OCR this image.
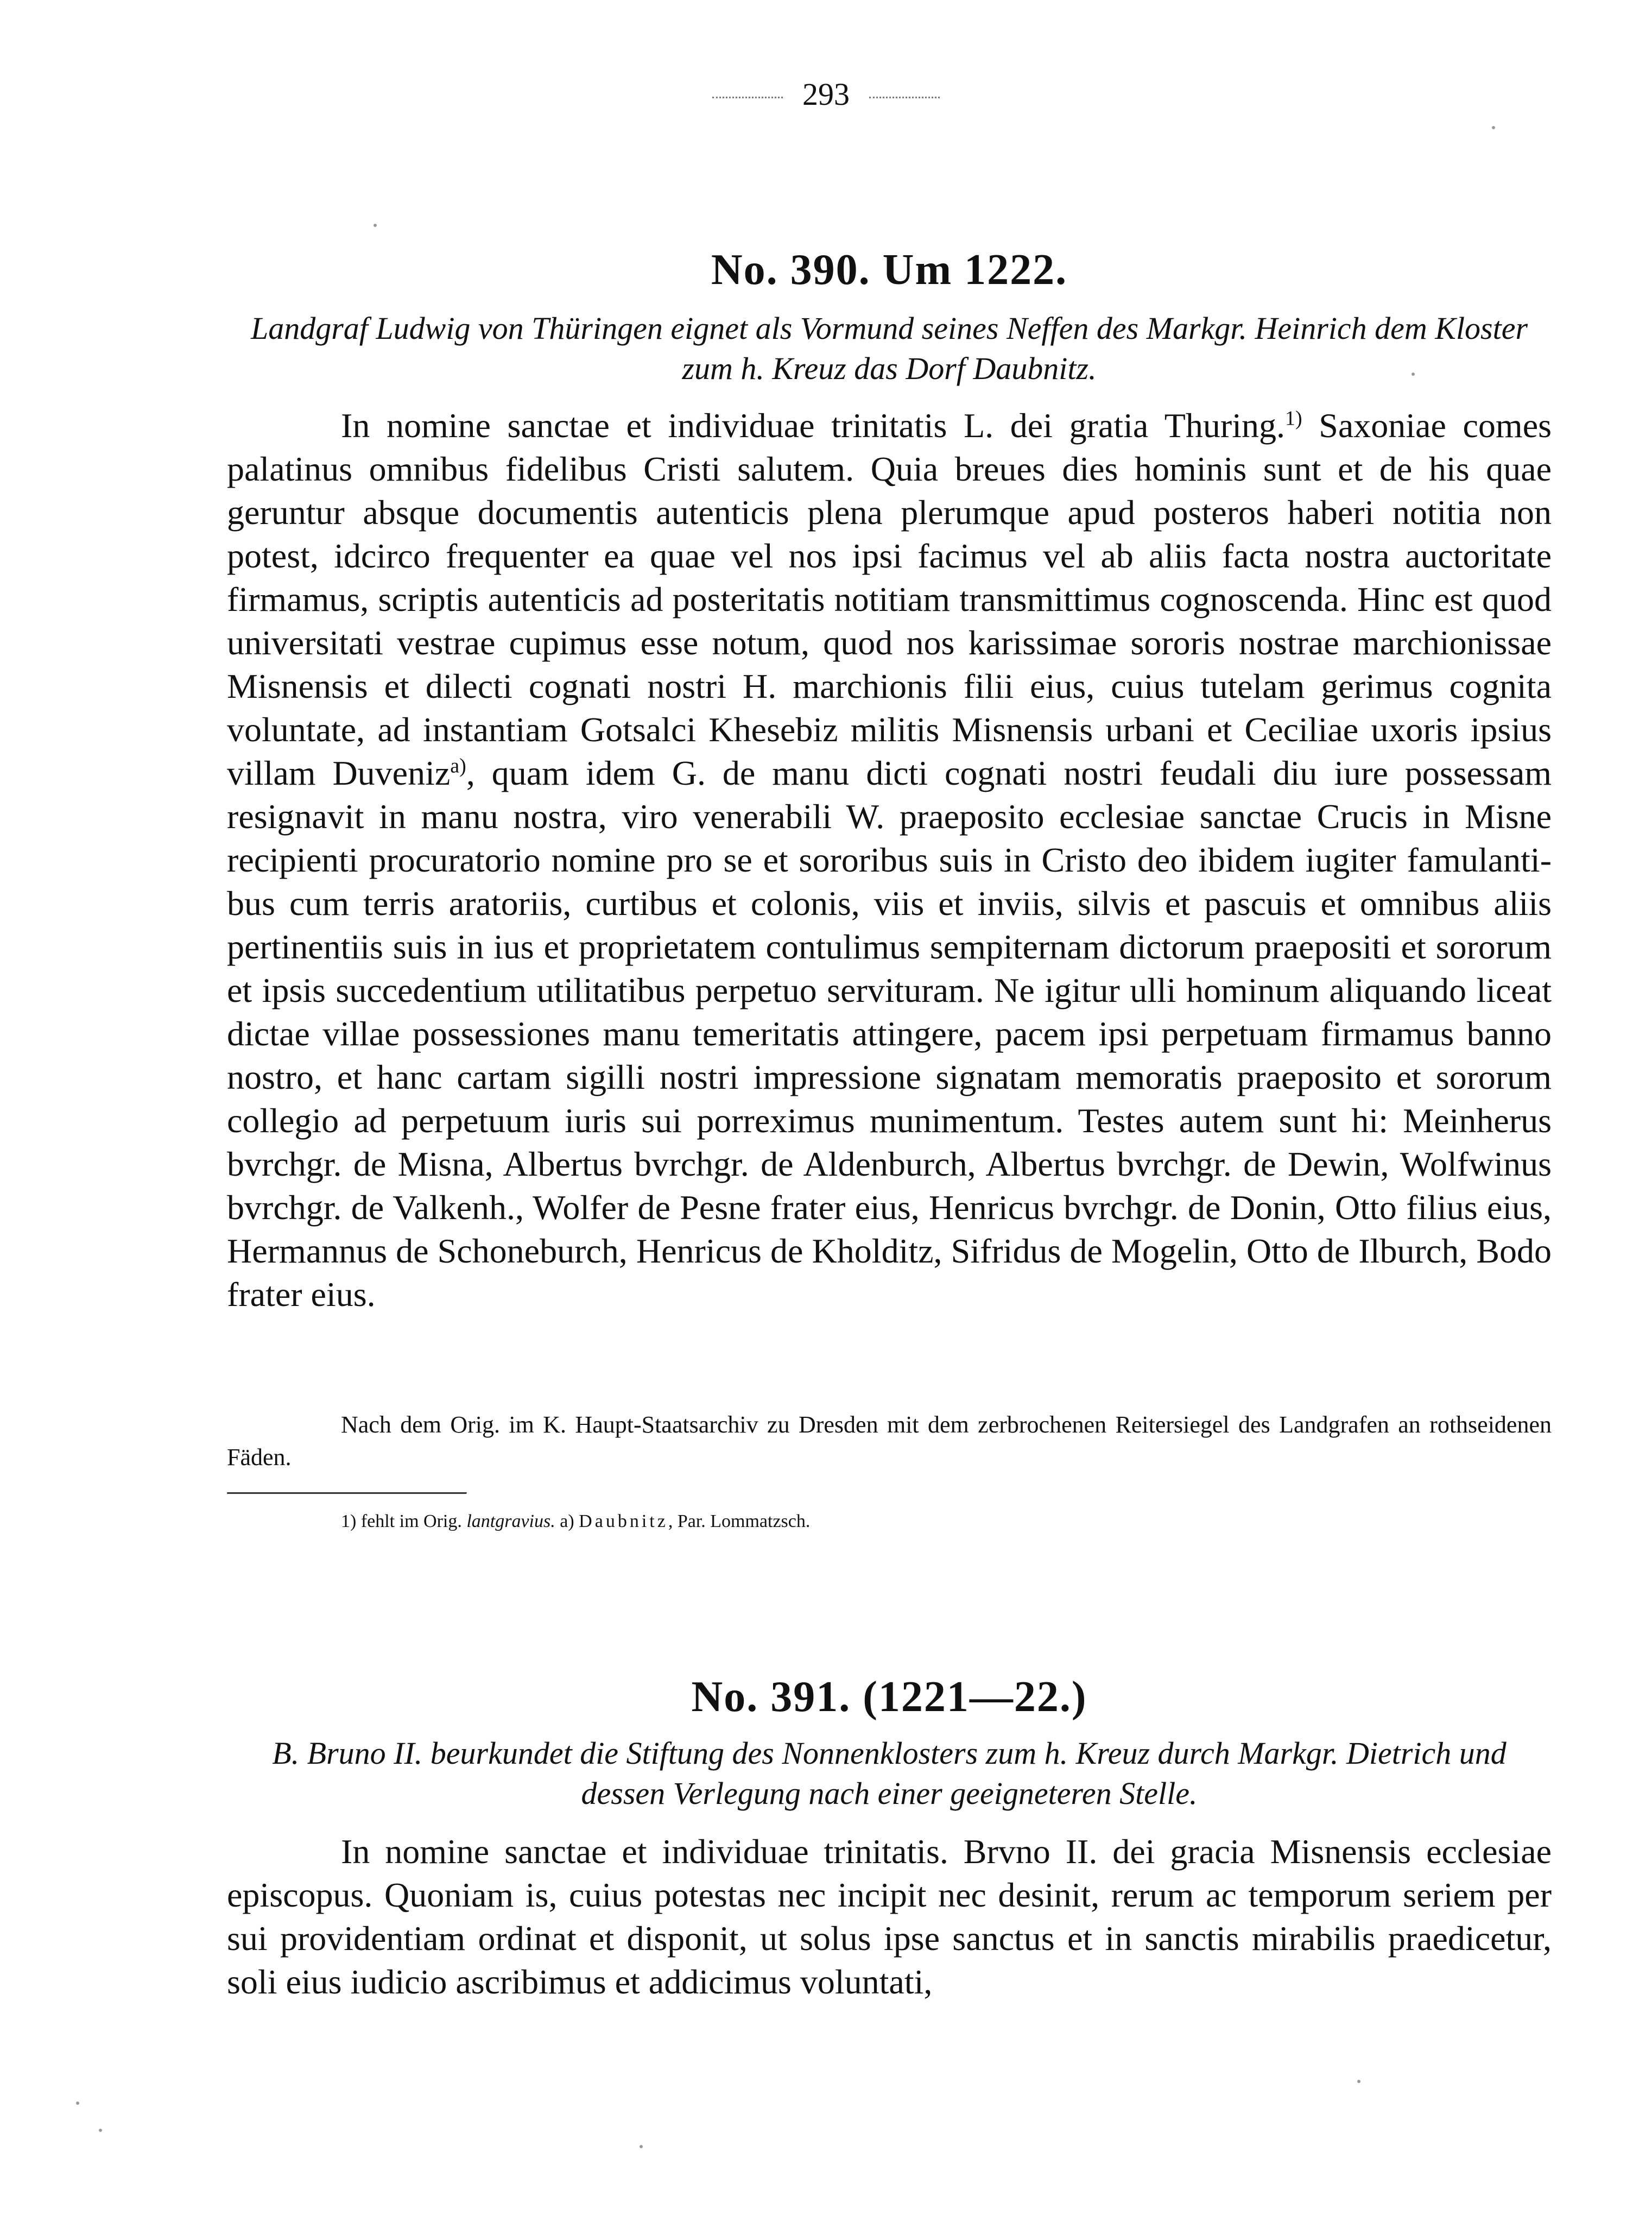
293
No. 390. Um 1222.

Landgraf Ludwig von Thüringen eignet als Vormund seines Neffen des Markgr. Heinrich dem Kloster zum h. Kreuz das Dorf Daubnitz.

In nomine sanctae et individuae trinitatis L. dei gratia Thuring.$^{1)}$ Saxoniae comes palatinus omnibus fidelibus Cristi salutem. Quia breues dies hominis sunt et de his quae geruntur absque documentis autenticis plena plerumque apud posteros haberi notitia non potest, idcirco frequenter ea quae vel nos ipsi facimus vel ab aliis facta nostra auctoritate firmamus, scriptis autenticis ad posteritatis notitiam transmittimus cognoscenda. Hinc est quod universitati vestrae cupimus esse notum, quod nos karissimae sororis nostrae marchionissae Misnensis et dilecti cognati nostri H. marchionis filii eius, cuius tutelam gerimus cognita voluntate, ad instantiam Gotsalci Khesebiz militis Misnensis urbani et Ceciliae uxoris ipsius villam Duveniz$^{a)}$, quam idem G. de manu dicti cognati nostri feudali diu iure possessam resignavit in manu nostra, viro venerabili W. praeposito ecclesiae sanctae Crucis in Misne recipienti procuratorio nomine pro se et sororibus suis in Cristo deo ibidem iugiter famulantibus cum terris aratoriis, curtibus et colonis, viis et inviis, silvis et pascuis et omnibus aliis pertinentiis suis in ius et proprietatem contulimus sempiternam dictorum praepositi et sororum et ipsis succedentium utilitatibus perpetuo servituram. Ne igitur ulli hominum aliquando liceat dictae villae possessiones manu temeritatis attingere, pacem ipsi perpetuam firmamus banno nostro, et hanc cartam sigilli nostri impressione signatam memoratis praeposito et sororum collegio ad perpetuum iuris sui porreximus munimentum. Testes autem sunt hi: Meinherus bvrchgr. de Misna, Albertus bvrchgr. de Aldenburch, Albertus bvrchgr. de Dewin, Wolfwinus bvrchgr. de Valkenh., Wolfer de Pesne frater eius, Henricus bvrchgr. de Donin, Otto filius eius, Hermannus de Schoneburch, Henricus de Kholditz, Sifridus de Mogelin, Otto de Ilburch, Bodo frater eius.

Nach dem Orig. im K. Haupt-Staatsarchiv zu Dresden mit dem zerbrochenen Reitersiegel des Landgrafen an rothseidenen Fäden.

1) fehlt im Orig. lantgravius. a) Daubnitz, Par. Lommatzsch.

No. 391. (1221—22.)

B. Bruno II. beurkundet die Stiftung des Nonnenklosters zum h. Kreuz durch Markgr. Dietrich und dessen Verlegung nach einer geeigneteren Stelle.

In nomine sanctae et individuae trinitatis. Brvno II. dei gracia Misnensis ecclesiae episcopus. Quoniam is, cuius potestas nec incipit nec desinit, rerum ac temporum seriem per sui providentiam ordinat et disponit, ut solus ipse sanctus et in sanctis mirabilis praedicetur, soli eius iudicio ascribimus et addicimus voluntati,
